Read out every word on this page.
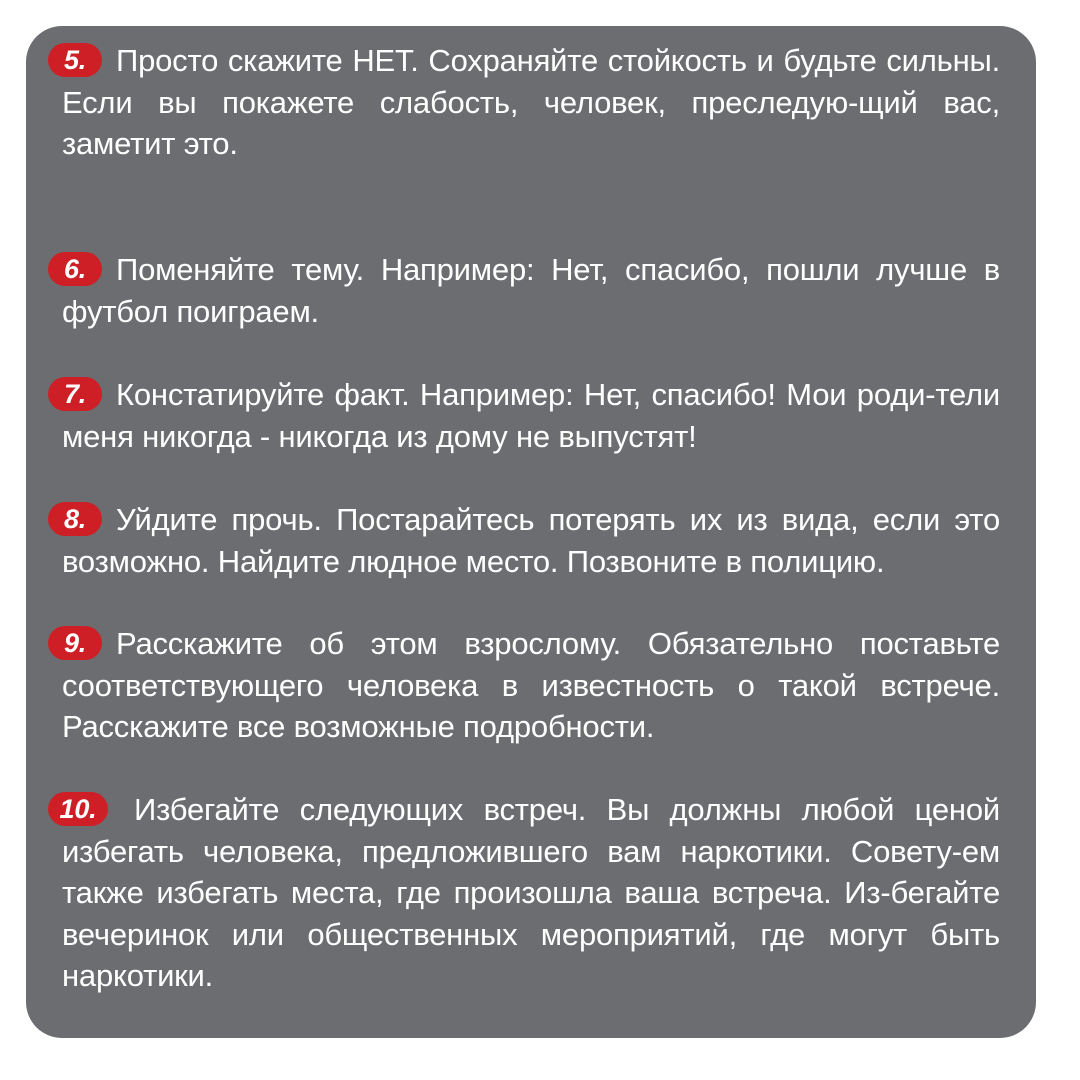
5. Просто скажите НЕТ. Сохраняйте стойкость и будьте сильны. Если вы покажете слабость, человек, преследую-щий вас, заметит это.
6. Поменяйте тему. Например: Нет, спасибо, пошли лучше в футбол поиграем.
7. Констатируйте факт. Например: Нет, спасибо! Мои роди-тели меня никогда - никогда из дому не выпустят!
8. Уйдите прочь. Постарайтесь потерять их из вида, если это возможно. Найдите людное место. Позвоните в полицию.
9. Расскажите об этом взрослому. Обязательно поставьте соответствующего человека в известность о такой встрече. Расскажите все возможные подробности.
10. Избегайте следующих встреч. Вы должны любой ценой избегать человека, предложившего вам наркотики. Совету-ем также избегать места, где произошла ваша встреча. Из-бегайте вечеринок или общественных мероприятий, где могут быть наркотики.
